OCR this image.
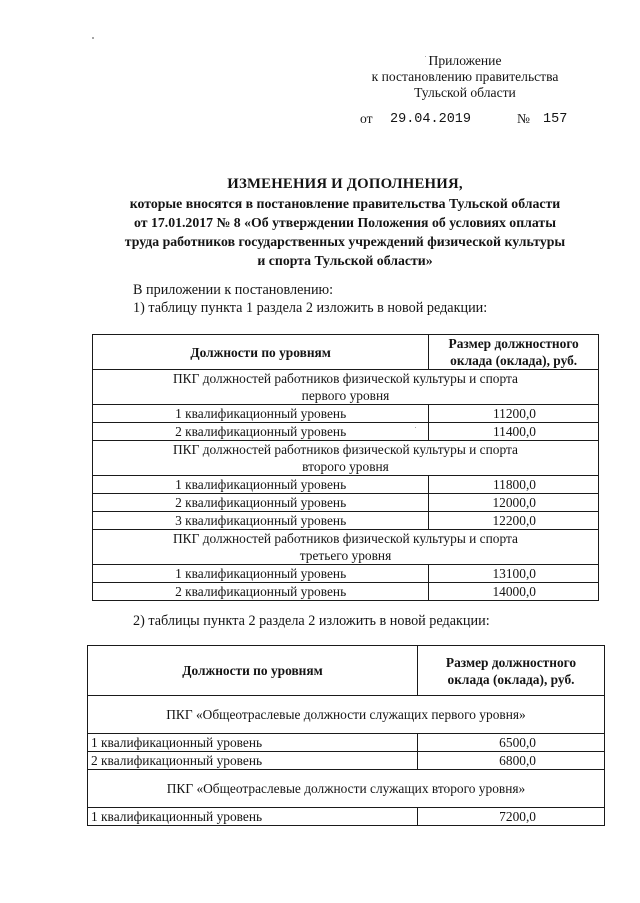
Приложение
к постановлению правительства
Тульской области
от 29.04.2019	№ 157
ИЗМЕНЕНИЯ И ДОПОЛНЕНИЯ,
которые вносятся в постановление правительства Тульской области
от 17.01.2017 № 8 «Об утверждении Положения об условиях оплаты
труда работников государственных учреждений физической культуры
и спорта Тульской области»
В приложении к постановлению:
1) таблицу пункта 1 раздела 2 изложить в новой редакции:
Должности по уровням	Размер должностного
оклада (оклада), руб.
ПКГ должностей работников физической культуры и спорта
первого уровня	
1 квалификационный уровень	11200,0
2 квалификационный уровень	11400,0
ПКГ должностей работников физической культуры и спорта
второго уровня	
1 квалификационный уровень	11800,0
2 квалификационный уровень	12000,0
3 квалификационный уровень	12200,0
ПКГ должностей работников физической культуры и спорта
третьего уровня	
1 квалификационный уровень	13100,0
2 квалификационный уровень	14000,0
2) таблицы пункта 2 раздела 2 изложить в новой редакции:
Должности по уровням	Размер должностного
оклада (оклада), руб.
ПКГ «Общеотраслевые должности служащих первого уровня»	
1 квалификационный уровень	6500,0
2 квалификационный уровень	6800,0
ПКГ «Общеотраслевые должности служащих второго уровня»	
1 квалификационный уровень	7200,0
